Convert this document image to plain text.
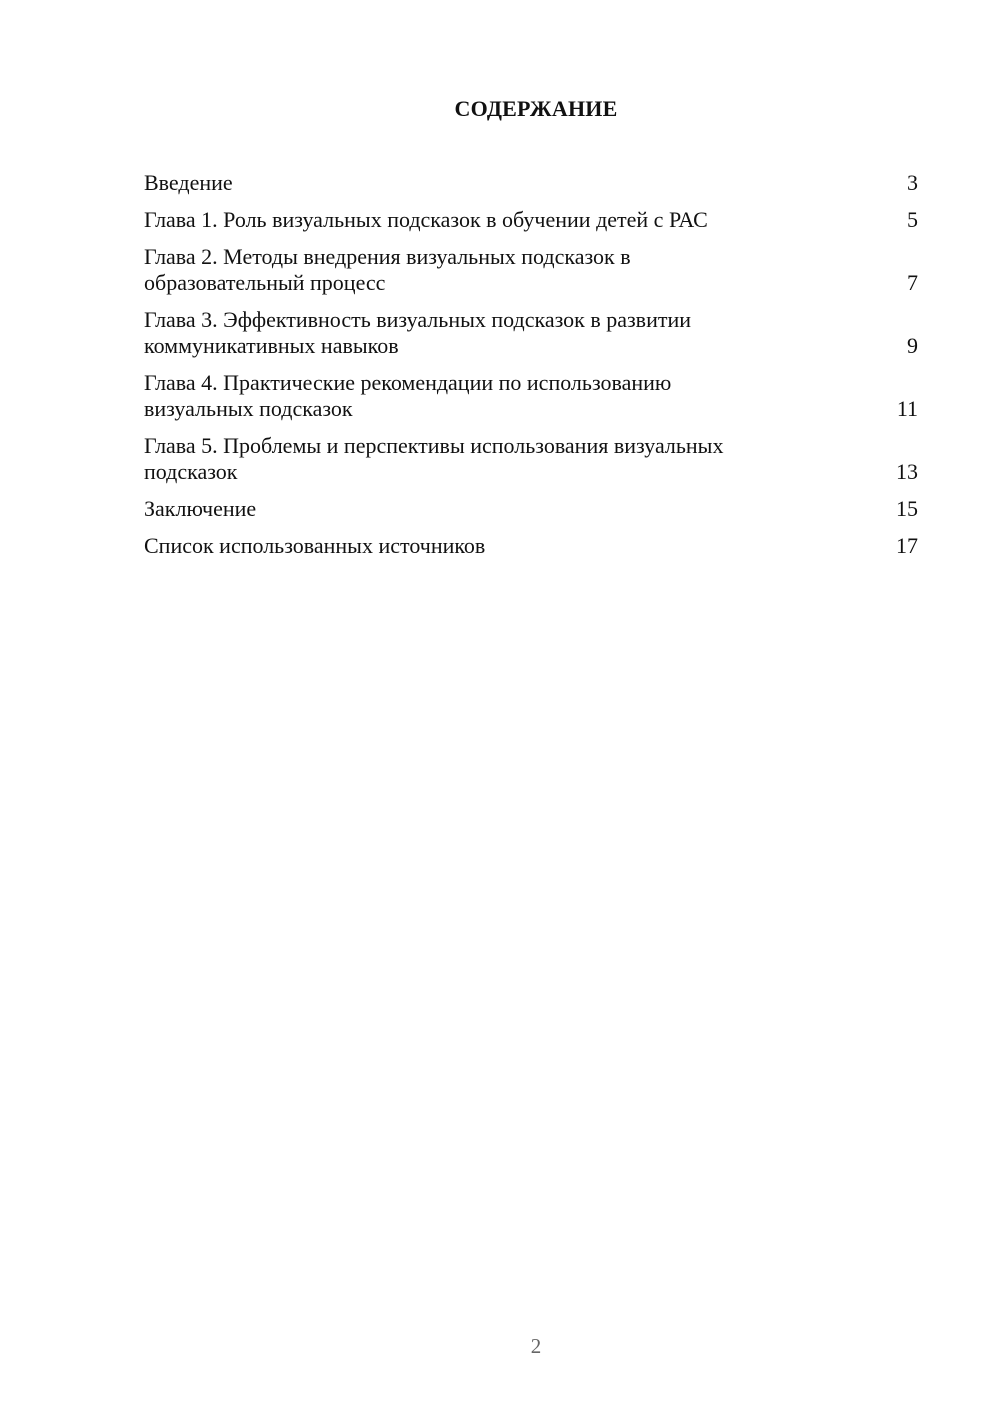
СОДЕРЖАНИЕ
Введение	3
Глава 1. Роль визуальных подсказок в обучении детей с РАС	5
Глава 2. Методы внедрения визуальных подсказок в
образовательный процесс	7
Глава 3. Эффективность визуальных подсказок в развитии
коммуникативных навыков	9
Глава 4. Практические рекомендации по использованию
визуальных подсказок	11
Глава 5. Проблемы и перспективы использования визуальных
подсказок	13
Заключение	15
Список использованных источников	17
2
